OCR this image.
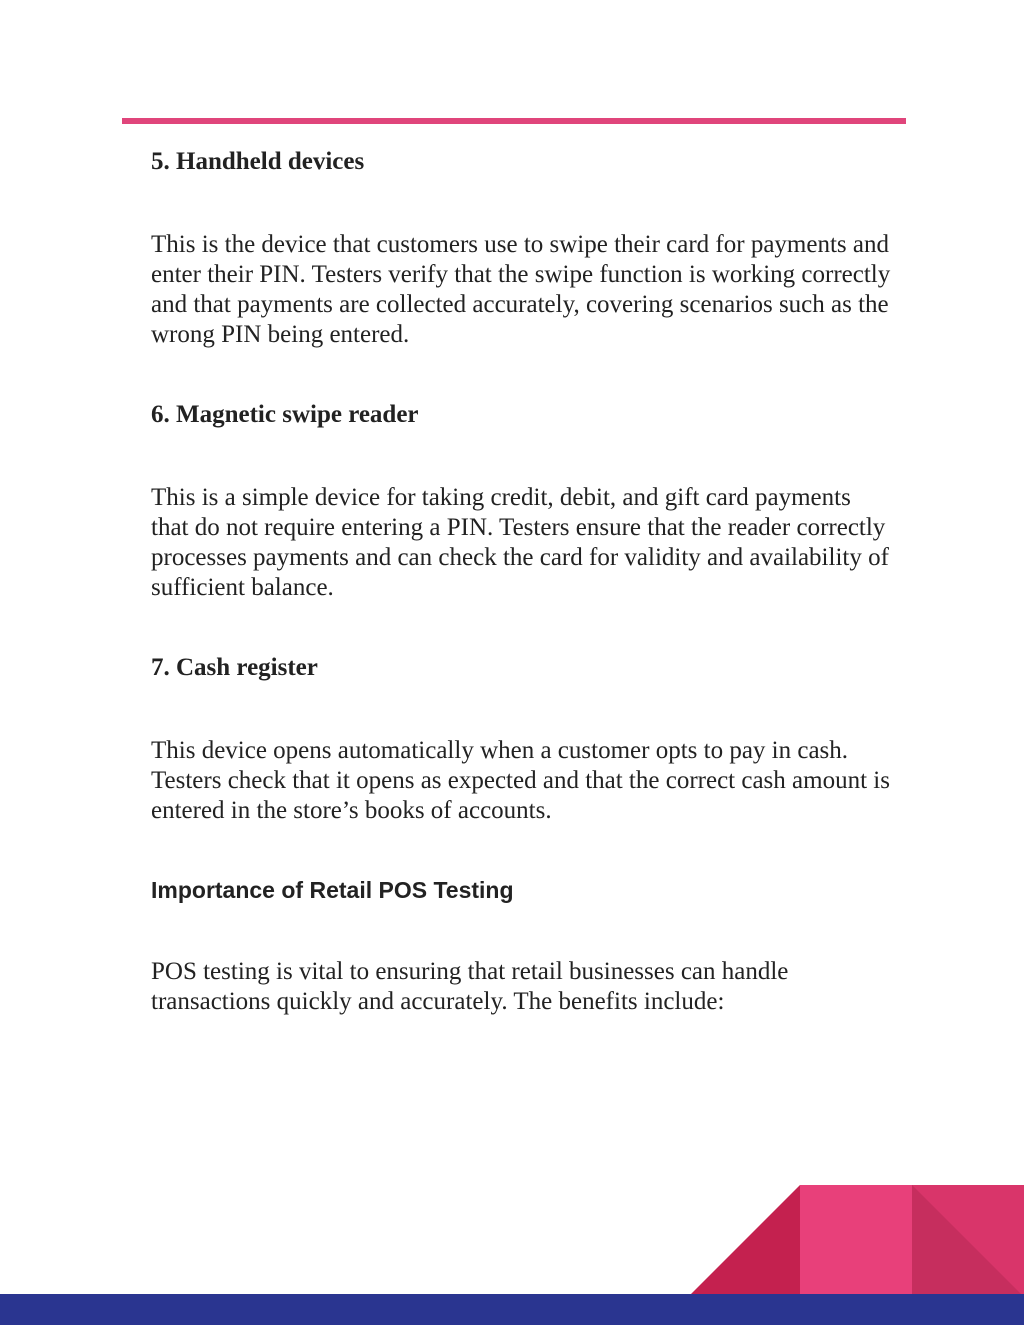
5. Handheld devices

This is the device that customers use to swipe their card for payments and enter their PIN. Testers verify that the swipe function is working correctly and that payments are collected accurately, covering scenarios such as the wrong PIN being entered.

6. Magnetic swipe reader

This is a simple device for taking credit, debit, and gift card payments that do not require entering a PIN. Testers ensure that the reader correctly processes payments and can check the card for validity and availability of sufficient balance.

7. Cash register

This device opens automatically when a customer opts to pay in cash. Testers check that it opens as expected and that the correct cash amount is entered in the store’s books of accounts.

Importance of Retail POS Testing

POS testing is vital to ensuring that retail businesses can handle transactions quickly and accurately. The benefits include:
